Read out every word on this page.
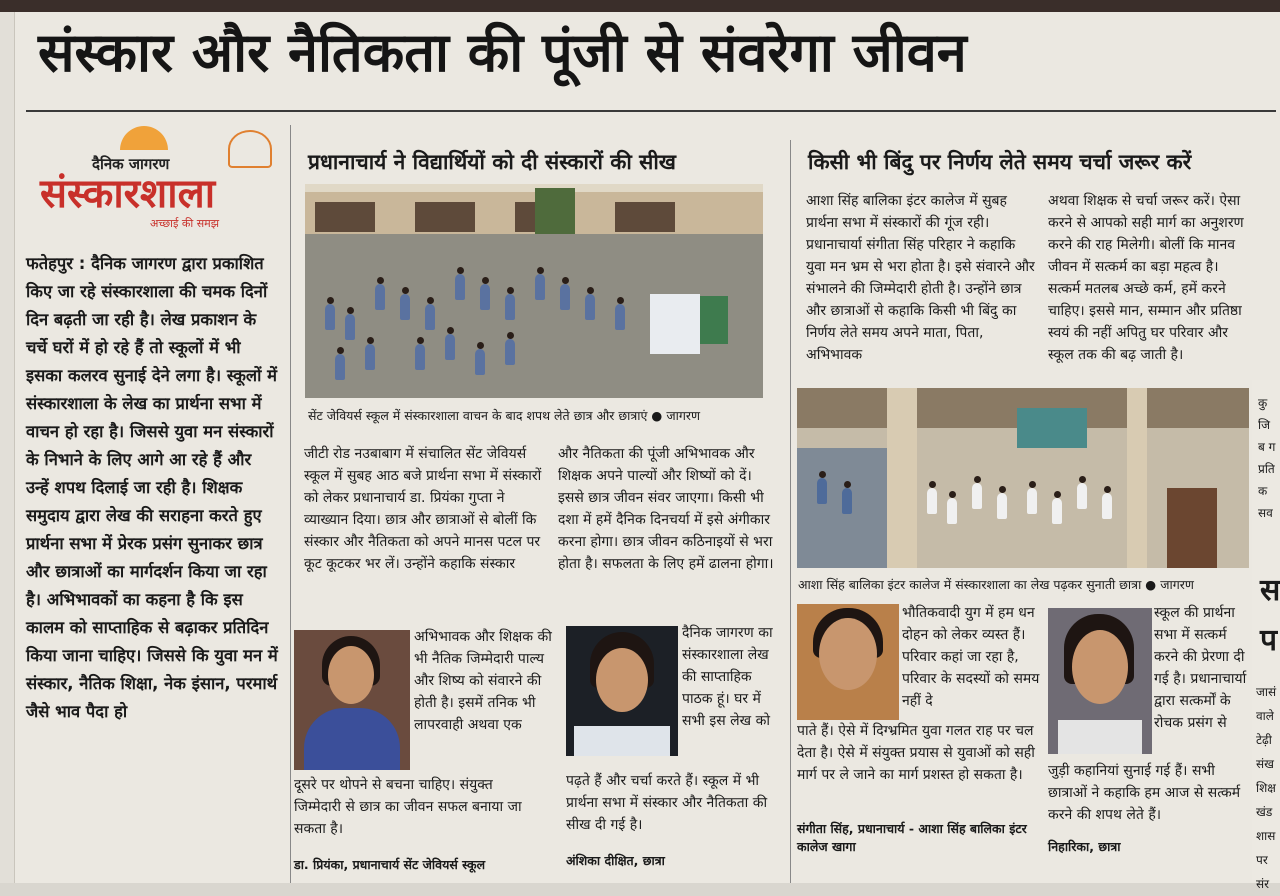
संस्कार और नैतिकता की पूंजी से संवरेगा जीवन
दैनिक जागरण
संस्कारशाला
अच्छाई की समझ
फतेहपुर : दैनिक जागरण द्वारा प्रकाशित किए जा रहे संस्कारशाला की चमक दिनों दिन बढ़ती जा रही है। लेख प्रकाशन के चर्चे घरों में हो रहे हैं तो स्कूलों में भी इसका कलरव सुनाई देने लगा है। स्कूलों में संस्कारशाला के लेख का प्रार्थना सभा में वाचन हो रहा है। जिससे युवा मन संस्कारों के निभाने के लिए आगे आ रहे हैं और उन्हें शपथ दिलाई जा रही है। शिक्षक समुदाय द्वारा लेख की सराहना करते हुए प्रार्थना सभा में प्रेरक प्रसंग सुनाकर छात्र और छात्राओं का मार्गदर्शन किया जा रहा है। अभिभावकों का कहना है कि इस कालम को साप्ताहिक से बढ़ाकर प्रतिदिन किया जाना चाहिए। जिससे कि युवा मन में संस्कार, नैतिक शिक्षा, नेक इंसान, परमार्थ जैसे भाव पैदा हो
प्रधानाचार्य ने विद्यार्थियों को दी संस्कारों की सीख
सेंट जेवियर्स स्कूल में संस्कारशाला वाचन के बाद शपथ लेते छात्र और छात्राएं ● जागरण
जीटी रोड नउबाबाग में संचालित सेंट जेवियर्स स्कूल में सुबह आठ बजे प्रार्थना सभा में संस्कारों को लेकर प्रधानाचार्य डा. प्रियंका गुप्ता ने व्याख्यान दिया। छात्र और छात्राओं से बोलीं कि संस्कार और नैतिकता को अपने मानस पटल पर कूट कूटकर भर लें। उन्होंने कहाकि संस्कार
और नैतिकता की पूंजी अभिभावक और शिक्षक अपने पाल्यों और शिष्यों को दें। इससे छात्र जीवन संवर जाएगा। किसी भी दशा में हमें दैनिक दिनचर्या में इसे अंगीकार करना होगा। छात्र जीवन कठिनाइयों से भरा होता है। सफलता के लिए हमें ढालना होगा।
अभिभावक और शिक्षक की भी नैतिक जिम्मेदारी पाल्य और शिष्य को संवारने की होती है। इसमें तनिक भी लापरवाही अथवा एक
दूसरे पर थोपने से बचना चाहिए। संयुक्त जिम्मेदारी से छात्र का जीवन सफल बनाया जा सकता है।
डा. प्रियंका, प्रधानाचार्य सेंट जेवियर्स स्कूल
दैनिक जागरण का संस्कारशाला लेख की साप्ताहिक पाठक हूं। घर में सभी इस लेख को
पढ़ते हैं और चर्चा करते हैं। स्कूल में भी प्रार्थना सभा में संस्कार और नैतिकता की सीख दी गई है।
अंशिका दीक्षित, छात्रा
किसी भी बिंदु पर निर्णय लेते समय चर्चा जरूर करें
आशा सिंह बालिका इंटर कालेज में सुबह प्रार्थना सभा में संस्कारों की गूंज रही। प्रधानाचार्या संगीता सिंह परिहार ने कहाकि युवा मन भ्रम से भरा होता है। इसे संवारने और संभालने की जिम्मेदारी होती है। उन्होंने छात्र और छात्राओं से कहाकि किसी भी बिंदु का निर्णय लेते समय अपने माता, पिता, अभिभावक
अथवा शिक्षक से चर्चा जरूर करें। ऐसा करने से आपको सही मार्ग का अनुशरण करने की राह मिलेगी। बोलीं कि मानव जीवन में सत्कर्म का बड़ा महत्व है। सत्कर्म मतलब अच्छे कर्म, हमें करने चाहिए। इससे मान, सम्मान और प्रतिष्ठा स्वयं की नहीं अपितु घर परिवार और स्कूल तक की बढ़ जाती है।
आशा सिंह बालिका इंटर कालेज में संस्कारशाला का लेख पढ़कर सुनाती छात्रा ● जागरण
भौतिकवादी युग में हम धन दोहन को लेकर व्यस्त हैं। परिवार कहां जा रहा है, परिवार के सदस्यों को समय नहीं दे
पाते हैं। ऐसे में दिग्भ्रमित युवा गलत राह पर चल देता है। ऐसे में संयुक्त प्रयास से युवाओं को सही मार्ग पर ले जाने का मार्ग प्रशस्त हो सकता है।
संगीता सिंह, प्रधानाचार्य - आशा सिंह बालिका इंटर कालेज खागा
स्कूल की प्रार्थना सभा में सत्कर्म करने की प्रेरणा दी गई है। प्रधानाचार्या द्वारा सत्कर्मों के रोचक प्रसंग से
जुड़ी कहानियां सुनाई गई हैं। सभी छात्राओं ने कहाकि हम आज से सत्कर्म करने की शपथ लेते हैं।
निहारिका, छात्रा
कु जि ब ग प्रति क सव
स प
जासं वाले टेढ़ी संख शिक्ष खंड शास पर संर
